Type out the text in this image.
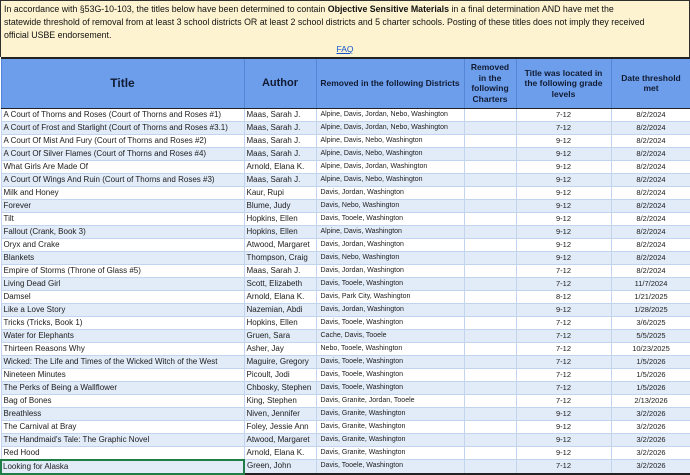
In accordance with §53G-10-103, the titles below have been determined to contain Objective Sensitive Materials in a final determination AND have met the
statewide threshold of removal from at least 3 school districts OR at least 2 school districts and 5 charter schools. Posting of these titles does not imply they received
official USBE endorsement.
FAQ
Title	Author	Removed in the following Districts	Removed in the following Charters	Title was located in the following grade levels	Date threshold met
A Court of Thorns and Roses (Court of Thorns and Roses #1)	Maas, Sarah J.	Alpine, Davis, Jordan, Nebo, Washington		7-12	8/2/2024
A Court of Frost and Starlight (Court of Thorns and Roses #3.1)	Maas, Sarah J.	Alpine, Davis, Jordan, Nebo, Washington		7-12	8/2/2024
A Court Of Mist And Fury (Court of Thorns and Roses #2)	Maas, Sarah J.	Alpine, Davis, Nebo, Washington		9-12	8/2/2024
A Court Of Silver Flames (Court of Thorns and Roses #4)	Maas, Sarah J.	Alpine, Davis, Nebo, Washington		9-12	8/2/2024
What Girls Are Made Of	Arnold, Elana K.	Alpine, Davis, Jordan, Washington		9-12	8/2/2024
A Court Of Wings And Ruin (Court of Thorns and Roses #3)	Maas, Sarah J.	Alpine, Davis, Nebo, Washington		9-12	8/2/2024
Milk and Honey	Kaur, Rupi	Davis, Jordan, Washington		9-12	8/2/2024
Forever	Blume, Judy	Davis, Nebo, Washington		9-12	8/2/2024
Tilt	Hopkins, Ellen	Davis, Tooele, Washington		9-12	8/2/2024
Fallout (Crank, Book 3)	Hopkins, Ellen	Alpine, Davis, Washington		9-12	8/2/2024
Oryx and Crake	Atwood, Margaret	Davis, Jordan, Washington		9-12	8/2/2024
Blankets	Thompson, Craig	Davis, Nebo, Washington		9-12	8/2/2024
Empire of Storms (Throne of Glass #5)	Maas, Sarah J.	Davis, Jordan, Washington		7-12	8/2/2024
Living Dead Girl	Scott, Elizabeth	Davis, Tooele, Washington		7-12	11/7/2024
Damsel	Arnold, Elana K.	Davis, Park City, Washington		8-12	1/21/2025
Like a Love Story	Nazemian, Abdi	Davis, Jordan, Washington		9-12	1/28/2025
Tricks (Tricks, Book 1)	Hopkins, Ellen	Davis, Tooele, Washington		7-12	3/6/2025
Water for Elephants	Gruen, Sara	Cache, Davis, Tooele		7-12	5/5/2025
Thirteen Reasons Why	Asher, Jay	Nebo, Tooele, Washington		7-12	10/23/2025
Wicked: The Life and Times of the Wicked Witch of the West	Maguire, Gregory	Davis, Tooele, Washington		7-12	1/5/2026
Nineteen Minutes	Picoult, Jodi	Davis, Tooele, Washington		7-12	1/5/2026
The Perks of Being a Wallflower	Chbosky, Stephen	Davis, Tooele, Washington		7-12	1/5/2026
Bag of Bones	King, Stephen	Davis, Granite, Jordan, Tooele		7-12	2/13/2026
Breathless	Niven, Jennifer	Davis, Granite, Washington		9-12	3/2/2026
The Carnival at Bray	Foley, Jessie Ann	Davis, Granite, Washington		9-12	3/2/2026
The Handmaid's Tale: The Graphic Novel	Atwood, Margaret	Davis, Granite, Washington		9-12	3/2/2026
Red Hood	Arnold, Elana K.	Davis, Granite, Washington		9-12	3/2/2026
Looking for Alaska	Green, John	Davis, Tooele, Washington		7-12	3/2/2026
